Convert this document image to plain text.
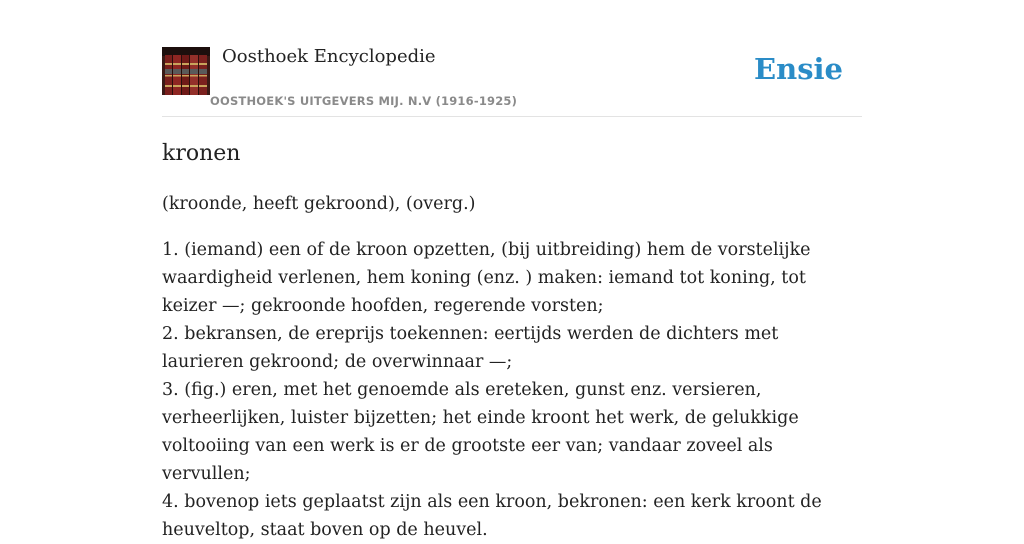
Oosthoek Encyclopedie
OOSTHOEK'S UITGEVERS MIJ. N.V (1916-1925)
Ensie
kronen

(kroonde, heeft gekroond), (overg.)

1. (iemand) een of de kroon opzetten, (bij uitbreiding) hem de vorstelijke waardigheid verlenen, hem koning (enz. ) maken: iemand tot koning, tot keizer —; gekroonde hoofden, regerende vorsten;
2. bekransen, de ereprijs toekennen: eertijds werden de dichters met laurieren gekroond; de overwinnaar —;
3. (fig.) eren, met het genoemde als ereteken, gunst enz. versieren, verheerlijken, luister bijzetten; het einde kroont het werk, de gelukkige voltooiing van een werk is er de grootste eer van; vandaar zoveel als vervullen;
4. bovenop iets geplaatst zijn als een kroon, bekronen: een kerk kroont de heuveltop, staat boven op de heuvel.
